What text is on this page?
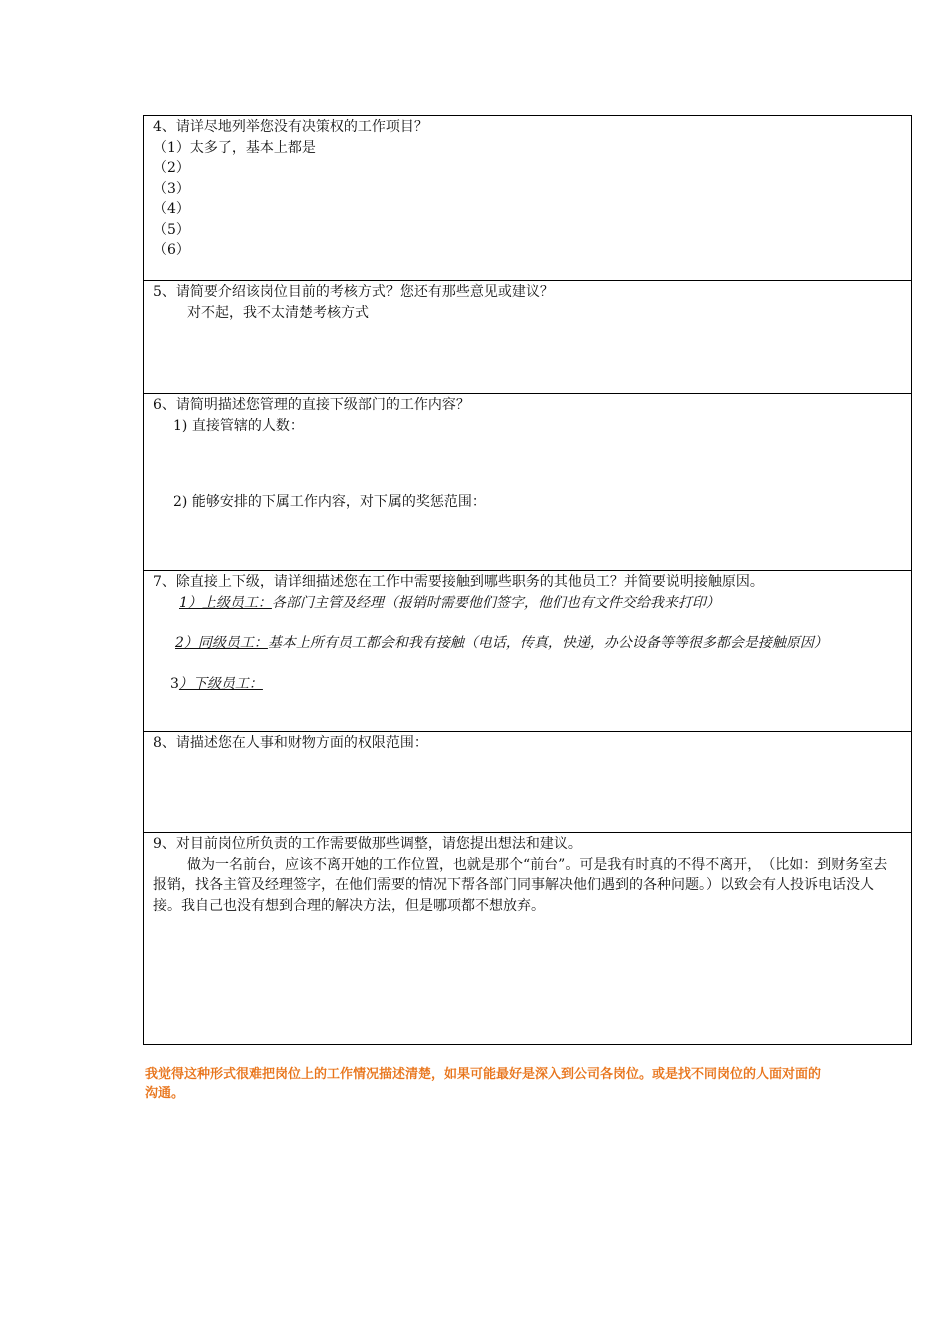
4、请详尽地列举您没有决策权的工作项目？
（1）太多了，基本上都是
（2）
（3）
（4）
（5）
（6）
5、请简要介绍该岗位目前的考核方式？您还有那些意见或建议？
对不起，我不太清楚考核方式
6、请简明描述您管理的直接下级部门的工作内容？
1) 直接管辖的人数：
2) 能够安排的下属工作内容，对下属的奖惩范围：
7、除直接上下级，请详细描述您在工作中需要接触到哪些职务的其他员工？并简要说明接触原因。
1）上级员工： 各部门主管及经理（报销时需要他们签字，他们也有文件交给我来打印）
2）同级员工： 基本上所有员工都会和我有接触（电话，传真，快递，办公设备等等很多都会是接触原因）
3）下级员工：
8、请描述您在人事和财物方面的权限范围：
9、对目前岗位所负责的工作需要做那些调整，请您提出想法和建议。
做为一名前台，应该不离开她的工作位置，也就是那个“前台”。可是我有时真的不得不离开，（比如：到财务室去报销，找各主管及经理签字，在他们需要的情况下帮各部门同事解决他们遇到的各种问题。）以致会有人投诉电话没人接。我自己也没有想到合理的解决方法，但是哪项都不想放弃。
我觉得这种形式很难把岗位上的工作情况描述清楚，如果可能最好是深入到公司各岗位。或是找不同岗位的人面对面的沟通。
